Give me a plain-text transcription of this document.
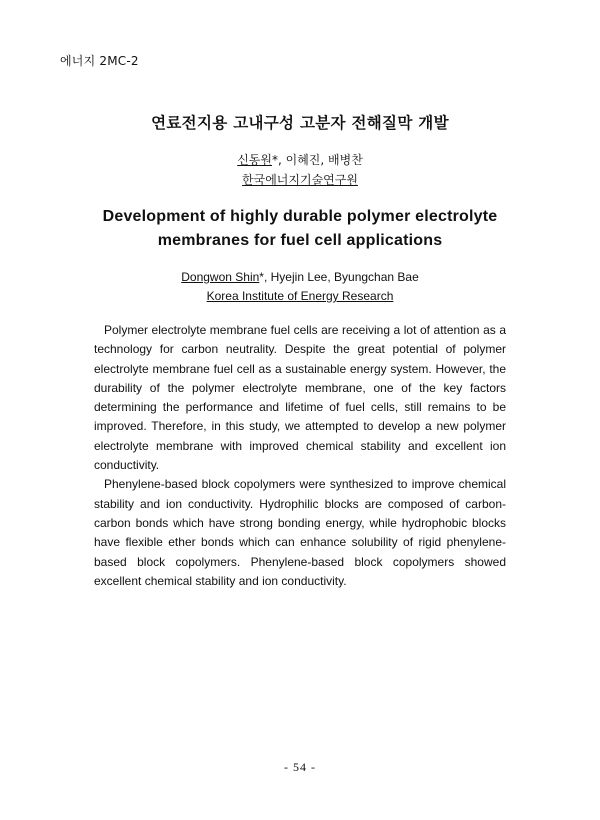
에너지 2MC-2
연료전지용 고내구성 고분자 전해질막 개발
신동원*, 이혜진, 배병찬
한국에너지기술연구원
Development of highly durable polymer electrolyte
membranes for fuel cell applications
Dongwon Shin*, Hyejin Lee, Byungchan Bae
Korea Institute of Energy Research

Polymer electrolyte membrane fuel cells are receiving a lot of attention as a technology for carbon neutrality. Despite the great potential of polymer electrolyte membrane fuel cell as a sustainable energy system. However, the durability of the polymer electrolyte membrane, one of the key factors determining the performance and lifetime of fuel cells, still remains to be improved. Therefore, in this study, we attempted to develop a new polymer electrolyte membrane with improved chemical stability and excellent ion conductivity.

Phenylene-based block copolymers were synthesized to improve chemical stability and ion conductivity. Hydrophilic blocks are composed of carbon-carbon bonds which have strong bonding energy, while hydrophobic blocks have flexible ether bonds which can enhance solubility of rigid phenylene-based block copolymers. Phenylene-based block copolymers showed excellent chemical stability and ion conductivity.

- 54 -
